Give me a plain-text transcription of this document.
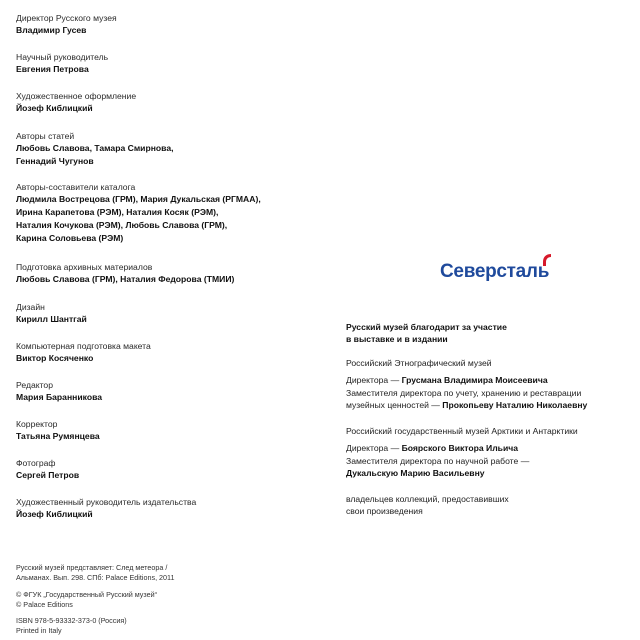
Директор Русского музея
Владимир Гусев
Научный руководитель
Евгения Петрова
Художественное оформление
Йозеф Киблицкий
Авторы статей
Любовь Славова, Тамара Смирнова,
Геннадий Чугунов
Авторы-составители каталога
Людмила Вострецова (ГРМ), Мария Дукальская (РГМАА),
Ирина Карапетова (РЭМ), Наталия Косяк (РЭМ),
Наталия Кочукова (РЭМ), Любовь Славова (ГРМ),
Карина Соловьева (РЭМ)
Подготовка архивных материалов
Любовь Славова (ГРМ), Наталия Федорова (ТМИИ)
Дизайн
Кирилл Шантгай
Компьютерная подготовка макета
Виктор Косяченко
Редактор
Мария Баранникова
Корректор
Татьяна Румянцева
Фотограф
Сергей Петров
Художественный руководитель издательства
Йозеф Киблицкий
Русский музей представляет: След метеора /
Альманах. Вып. 298. СПб: Palace Editions, 2011
© ФГУК „Государственный Русский музей“
© Palace Editions
ISBN 978-5-93332-373-0 (Россия)
Printed in Italy
Северсталь
Русский музей благодарит за участие
в выставке и в издании
Российский Этнографический музей
Директора — Грусмана Владимира Моисеевича
Заместителя директора по учету, хранению и реставрации
музейных ценностей — Прокопьеву Наталию Николаевну
Российский государственный музей Арктики и Антарктики
Директора — Боярского Виктора Ильича
Заместителя директора по научной работе —
Дукальскую Марию Васильевну
владельцев коллекций, предоставивших
свои произведения
